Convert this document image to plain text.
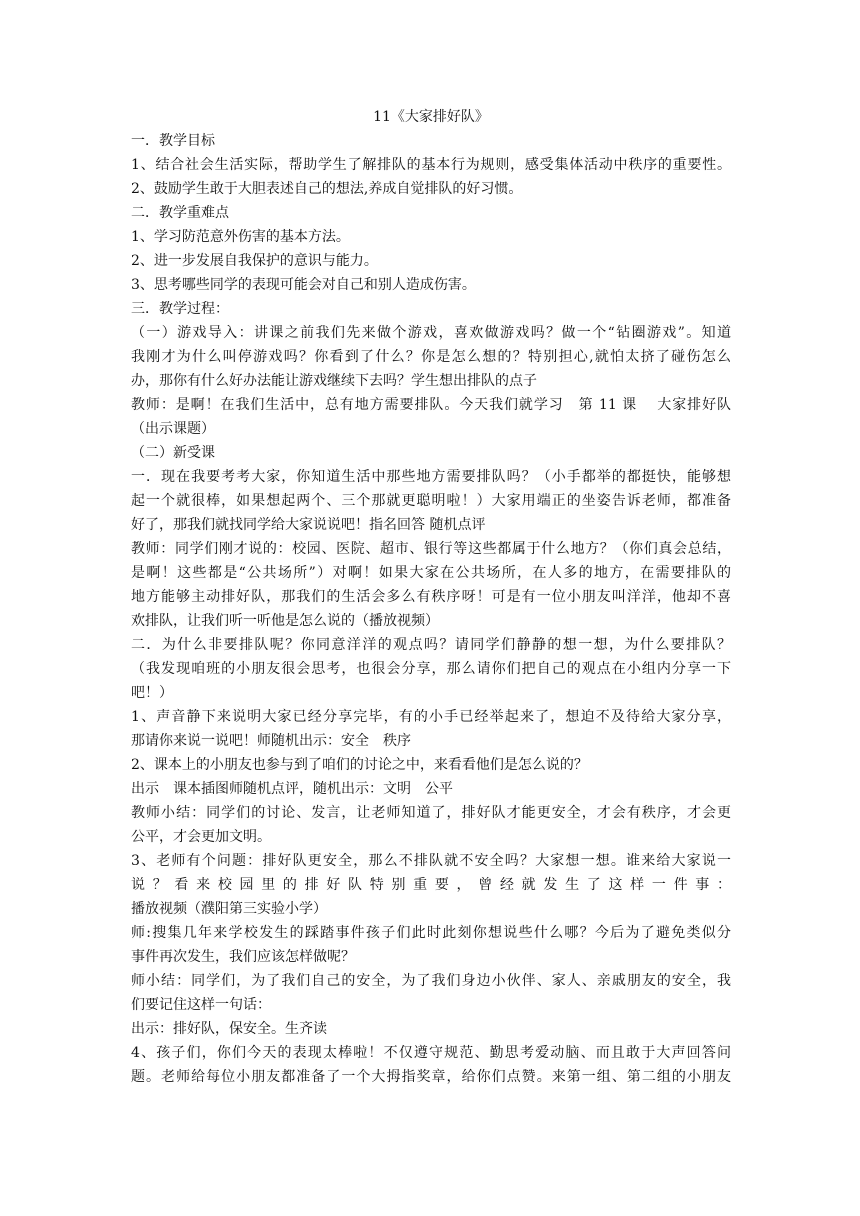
11《大家排好队》

一．教学目标

1、结合社会生活实际，帮助学生了解排队的基本行为规则，感受集体活动中秩序的重要性。

2、鼓励学生敢于大胆表述自己的想法,养成自觉排队的好习惯。

二．教学重难点

1、学习防范意外伤害的基本方法。

2、进一步发展自我保护的意识与能力。

3、思考哪些同学的表现可能会对自己和别人造成伤害。

三．教学过程：

（一）游戏导入：讲课之前我们先来做个游戏，喜欢做游戏吗？做一个“钻圈游戏”。知道

我刚才为什么叫停游戏吗？你看到了什么？你是怎么想的？特别担心,就怕太挤了碰伤怎么

办，那你有什么好办法能让游戏继续下去吗？学生想出排队的点子

教师：是啊！在我们生活中，总有地方需要排队。今天我们就学习　第 11 课　 大家排好队

（出示课题）

（二）新受课

一．现在我要考考大家，你知道生活中那些地方需要排队吗？（小手都举的都挺快，能够想

起一个就很棒，如果想起两个、三个那就更聪明啦！）大家用端正的坐姿告诉老师，都准备

好了，那我们就找同学给大家说说吧！指名回答 随机点评

教师：同学们刚才说的：校园、医院、超市、银行等这些都属于什么地方？（你们真会总结，

是啊！这些都是“公共场所”）对啊！如果大家在公共场所，在人多的地方，在需要排队的

地方能够主动排好队，那我们的生活会多么有秩序呀！可是有一位小朋友叫洋洋，他却不喜

欢排队，让我们听一听他是怎么说的（播放视频）

二．为什么非要排队呢？你同意洋洋的观点吗？请同学们静静的想一想，为什么要排队？

（我发现咱班的小朋友很会思考，也很会分享，那么请你们把自己的观点在小组内分享一下

吧！）

1、声音静下来说明大家已经分享完毕，有的小手已经举起来了，想迫不及待给大家分享，

那请你来说一说吧！师随机出示：安全　秩序

2、课本上的小朋友也参与到了咱们的讨论之中，来看看他们是怎么说的？

出示　课本插图师随机点评，随机出示：文明　公平

教师小结：同学们的讨论、发言，让老师知道了，排好队才能更安全，才会有秩序，才会更

公平，才会更加文明。

3、老师有个问题：排好队更安全，那么不排队就不安全吗？大家想一想。谁来给大家说一

说？看来校园里的排好队特别重要，曾经就发生了这样一件事：

播放视频（濮阳第三实验小学）

师:搜集几年来学校发生的踩踏事件孩子们此时此刻你想说些什么哪？今后为了避免类似分

事件再次发生，我们应该怎样做呢？

师小结：同学们，为了我们自己的安全，为了我们身边小伙伴、家人、亲戚朋友的安全，我

们要记住这样一句话：

出示：排好队，保安全。生齐读

4、孩子们，你们今天的表现太棒啦！不仅遵守规范、勤思考爱动脑、而且敢于大声回答问

题。老师给每位小朋友都准备了一个大拇指奖章，给你们点赞。来第一组、第二组的小朋友
